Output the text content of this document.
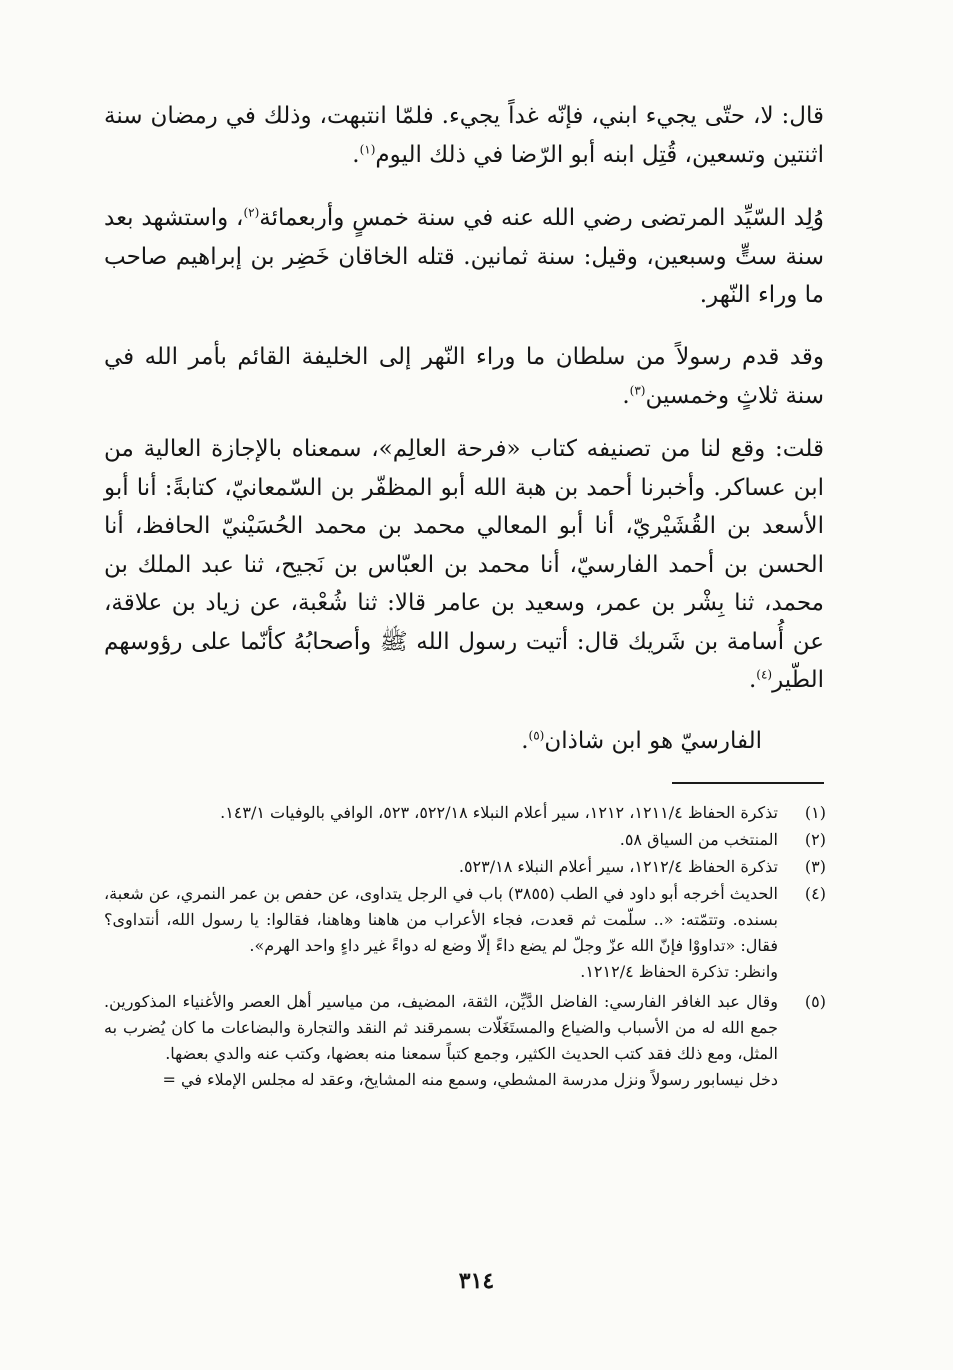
قال: لا، حتّى يجيء ابني، فإنّه غداً يجيء. فلمّا انتبهت، وذلك في رمضان سنة اثنتين وتسعين، قُتِل ابنه أبو الرّضا في ذلك اليوم$^{(١)}$.

وُلِد السّيِّد المرتضى رضي الله عنه في سنة خمسٍ وأربعمائة$^{(٢)}$، واستشهد بعد سنة ستٍّ وسبعين، وقيل: سنة ثمانين. قتله الخاقان خَضِر بن إبراهيم صاحب ما وراء النّهر.

وقد قدم رسولاً من سلطان ما وراء النّهر إلى الخليفة القائم بأمر الله في سنة ثلاثٍ وخمسين$^{(٣)}$.

قلت: وقع لنا من تصنيفه كتاب «فرحة العالِم»، سمعناه بالإجازة العالية من ابن عساكر. وأخبرنا أحمد بن هبة الله أبو المظفّر بن السّمعانيّ، كتابةً: أنا أبو الأسعد بن القُشَيْريّ، أنا أبو المعالي محمد بن محمد الحُسَيْنيّ الحافظ، أنا الحسن بن أحمد الفارسيّ، أنا محمد بن العبّاس بن نَجيح، ثنا عبد الملك بن محمد، ثنا بِشْر بن عمر، وسعيد بن عامر قالا: ثنا شُعْبة، عن زياد بن علاقة، عن أُسامة بن شَريك قال: أتيت رسول الله ﷺ وأصحابُهُ كأنّما على رؤوسهم الطّير$^{(٤)}$.

الفارسيّ هو ابن شاذان$^{(٥)}$.

(١)
تذكرة الحفاظ ١٢١١/٤، ١٢١٢، سير أعلام النبلاء ٥٢٢/١٨، ٥٢٣، الوافي بالوفيات ١٤٣/١.
(٢)
المنتخب من السياق ٥٨.
(٣)
تذكرة الحفاظ ١٢١٢/٤، سير أعلام النبلاء ٥٢٣/١٨.
(٤)
الحديث أخرجه أبو داود في الطب (٣٨٥٥) باب في الرجل يتداوى، عن حفص بن عمر النمري، عن شعبة، بسنده. وتتمّته: «.. سلّمت ثم قعدت، فجاء الأعراب من هاهنا وهاهنا، فقالوا: يا رسول الله، أنتداوى؟ فقال: «تداووْا فإنّ الله عزّ وجلّ لم يضع داءً إلّا وضع له دواءً غير داءٍ واحد الهرم».
وانظر: تذكرة الحفاظ ١٢١٢/٤.
(٥)
وقال عبد الغافر الفارسي: الفاضل الدَّيِّن، الثقة، المضيف، من مياسير أهل العصر والأغنياء المذكورين. جمع الله له من الأسباب والضياع والمستَغَلّات بسمرقند ثم النقد والتجارة والبضاعات ما كان يُضرب به المثل، ومع ذلك فقد كتب الحديث الكثير، وجمع كتباً سمعنا منه بعضها، وكتب عنه والدي بعضها.
دخل نيسابور رسولاً ونزل مدرسة المشطي، وسمع منه المشايخ، وعقد له مجلس الإملاء في =
٣١٤
